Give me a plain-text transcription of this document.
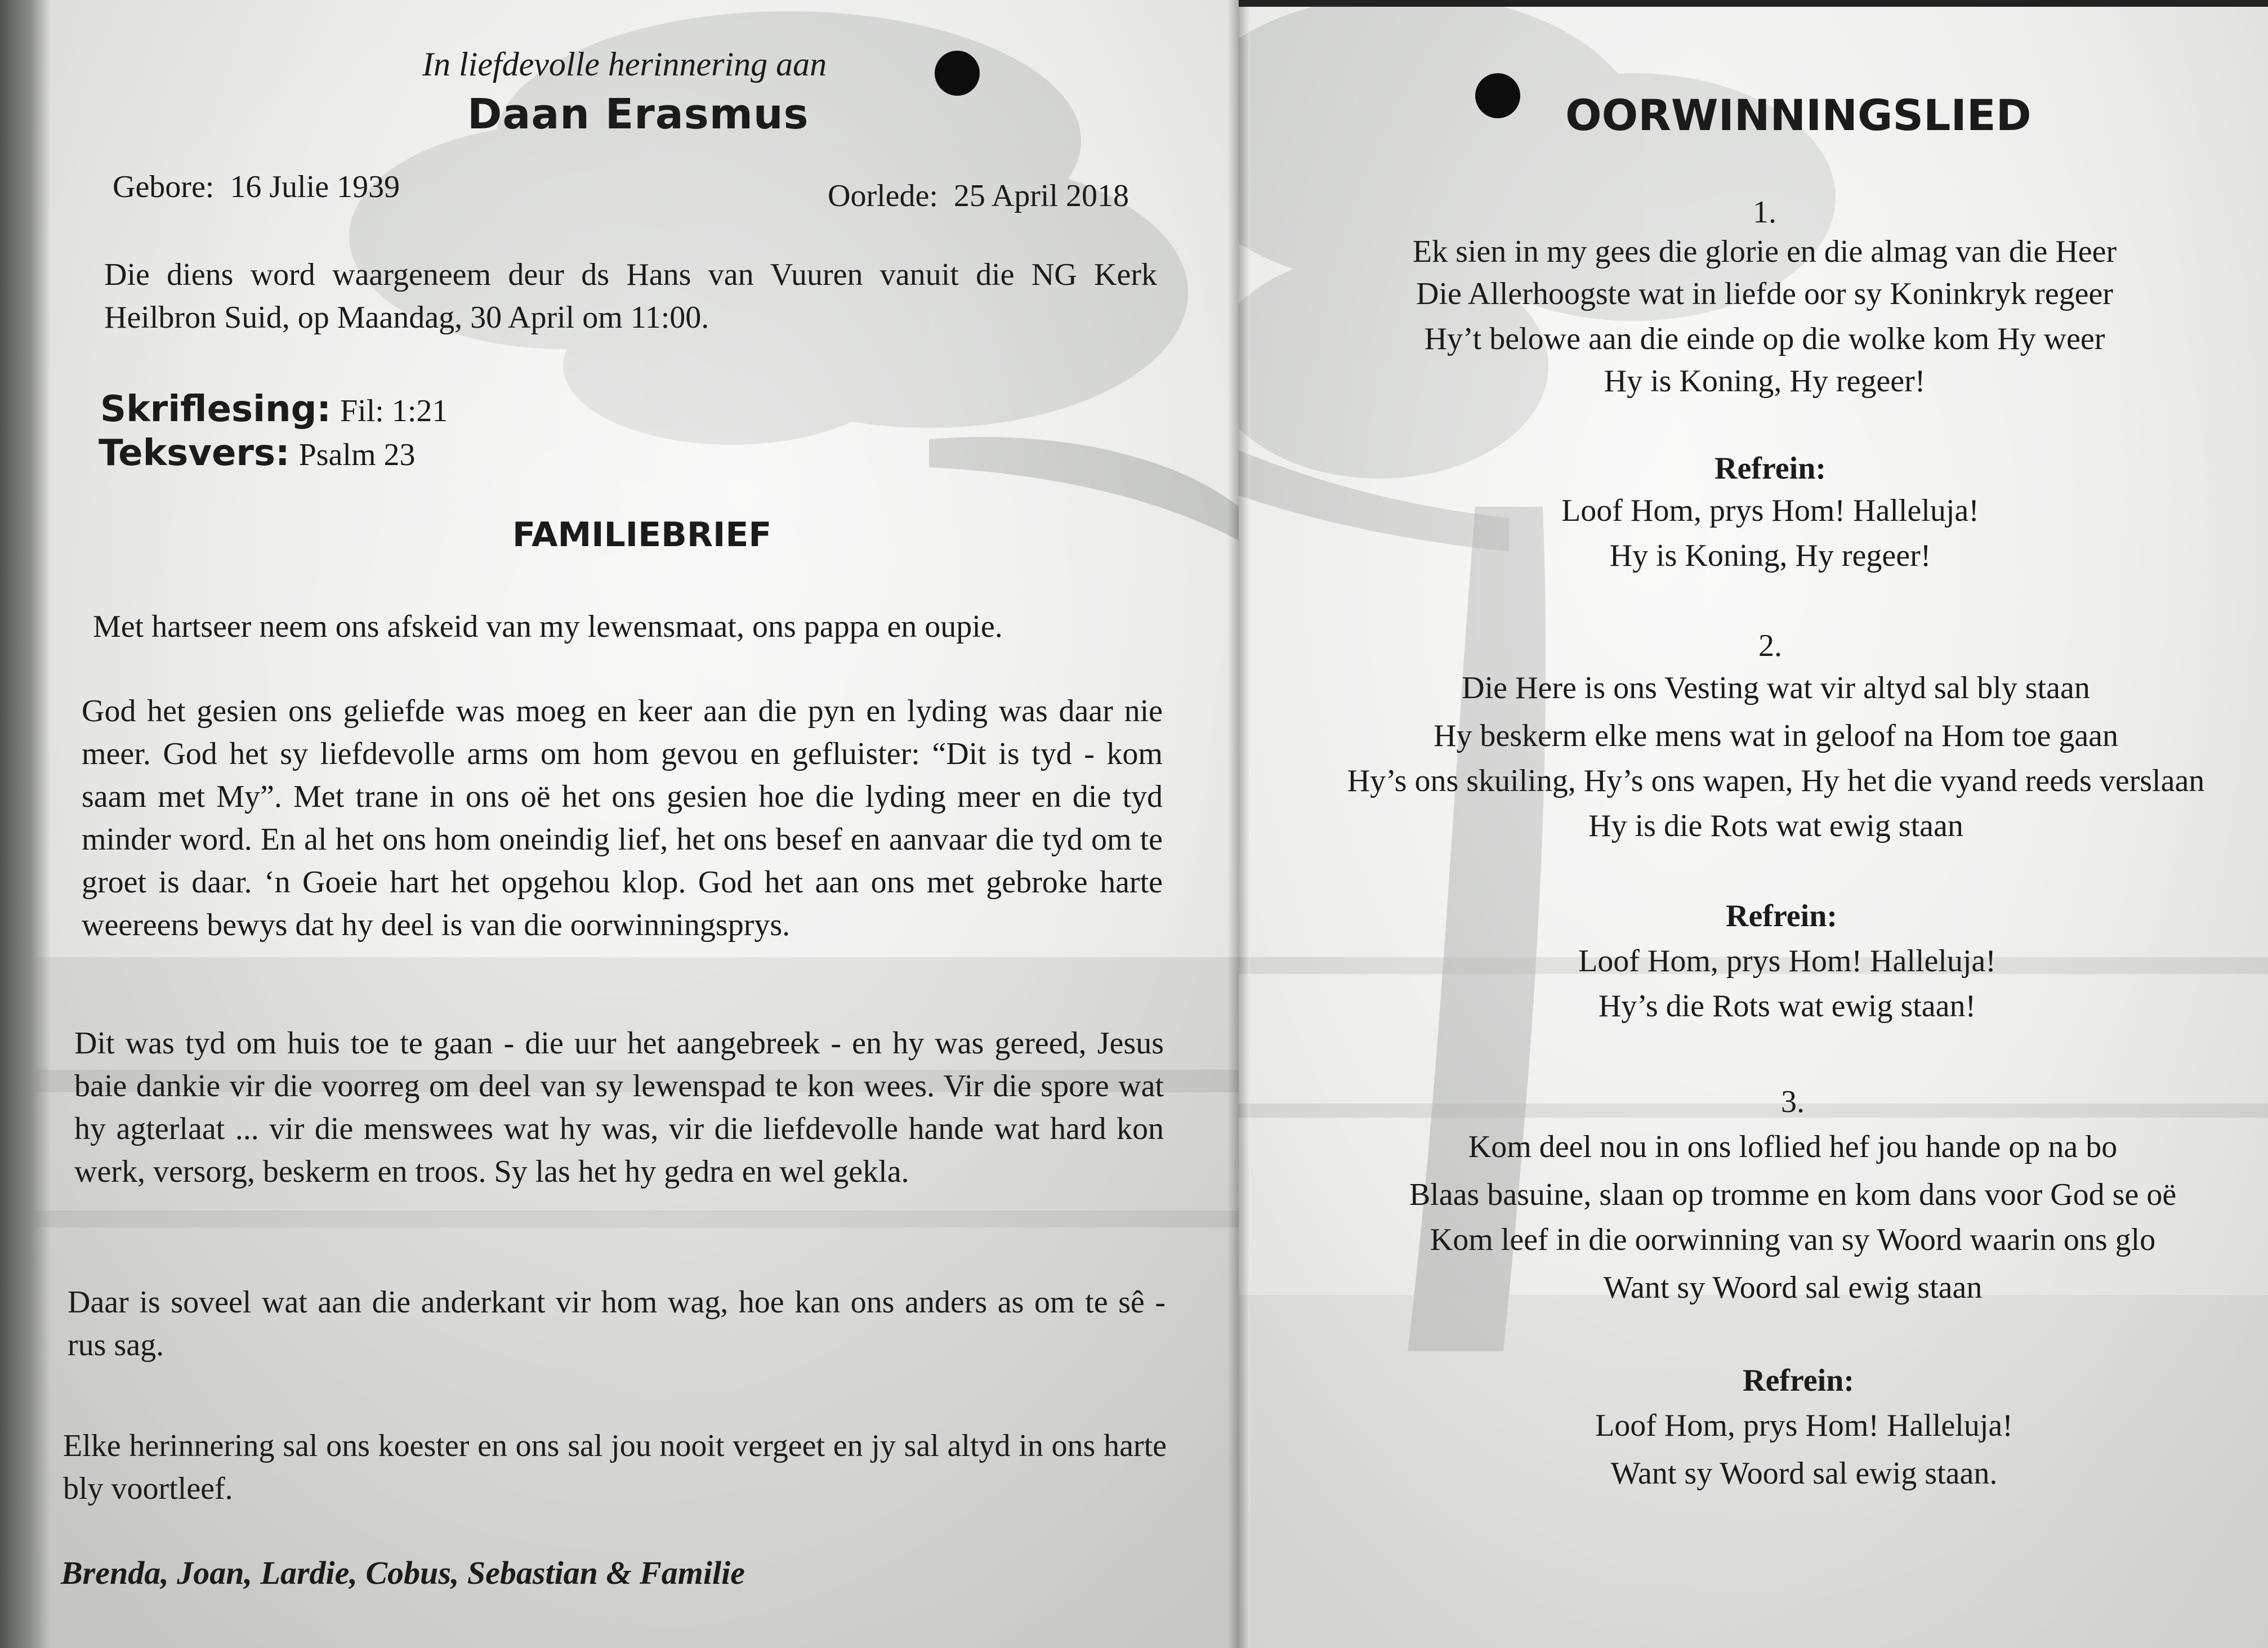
In liefdevolle herinnering aan

Daan Erasmus

Gebore: 16 Julie 1939	Oorlede: 25 April 2018

Die diens word waargeneem deur ds Hans van Vuuren vanuit die NG Kerk Heilbron Suid, op Maandag, 30 April om 11:00.

Skriflesing: Fil: 1:21

Teksvers: Psalm 23

FAMILIEBRIEF

Met hartseer neem ons afskeid van my lewensmaat, ons pappa en oupie.

God het gesien ons geliefde was moeg en keer aan die pyn en lyding was daar nie meer. God het sy liefdevolle arms om hom gevou en gefluister: “Dit is tyd - kom saam met My”. Met trane in ons oë het ons gesien hoe die lyding meer en die tyd minder word. En al het ons hom oneindig lief, het ons besef en aanvaar die tyd om te groet is daar. ‘n Goeie hart het opgehou klop. God het aan ons met gebroke harte weereens bewys dat hy deel is van die oorwinningsprys.

Dit was tyd om huis toe te gaan - die uur het aangebreek - en hy was gereed, Jesus baie dankie vir die voorreg om deel van sy lewenspad te kon wees. Vir die spore wat hy agterlaat ... vir die menswees wat hy was, vir die liefdevolle hande wat hard kon werk, versorg, beskerm en troos. Sy las het hy gedra en wel gekla.

Daar is soveel wat aan die anderkant vir hom wag, hoe kan ons anders as om te sê - rus sag.

Elke herinnering sal ons koester en ons sal jou nooit vergeet en jy sal altyd in ons harte bly voortleef.

Brenda, Joan, Lardie, Cobus, Sebastian & Familie

OORWINNINGSLIED

1.

Ek sien in my gees die glorie en die almag van die Heer

Die Allerhoogste wat in liefde oor sy Koninkryk regeer

Hy’t belowe aan die einde op die wolke kom Hy weer

Hy is Koning, Hy regeer!

Refrein:

Loof Hom, prys Hom! Halleluja!

Hy is Koning, Hy regeer!

2.

Die Here is ons Vesting wat vir altyd sal bly staan

Hy beskerm elke mens wat in geloof na Hom toe gaan

Hy’s ons skuiling, Hy’s ons wapen, Hy het die vyand reeds verslaan

Hy is die Rots wat ewig staan

Refrein:

Loof Hom, prys Hom! Halleluja!

Hy’s die Rots wat ewig staan!

3.

Kom deel nou in ons loflied hef jou hande op na bo

Blaas basuine, slaan op tromme en kom dans voor God se oë

Kom leef in die oorwinning van sy Woord waarin ons glo

Want sy Woord sal ewig staan

Refrein:

Loof Hom, prys Hom! Halleluja!

Want sy Woord sal ewig staan.
